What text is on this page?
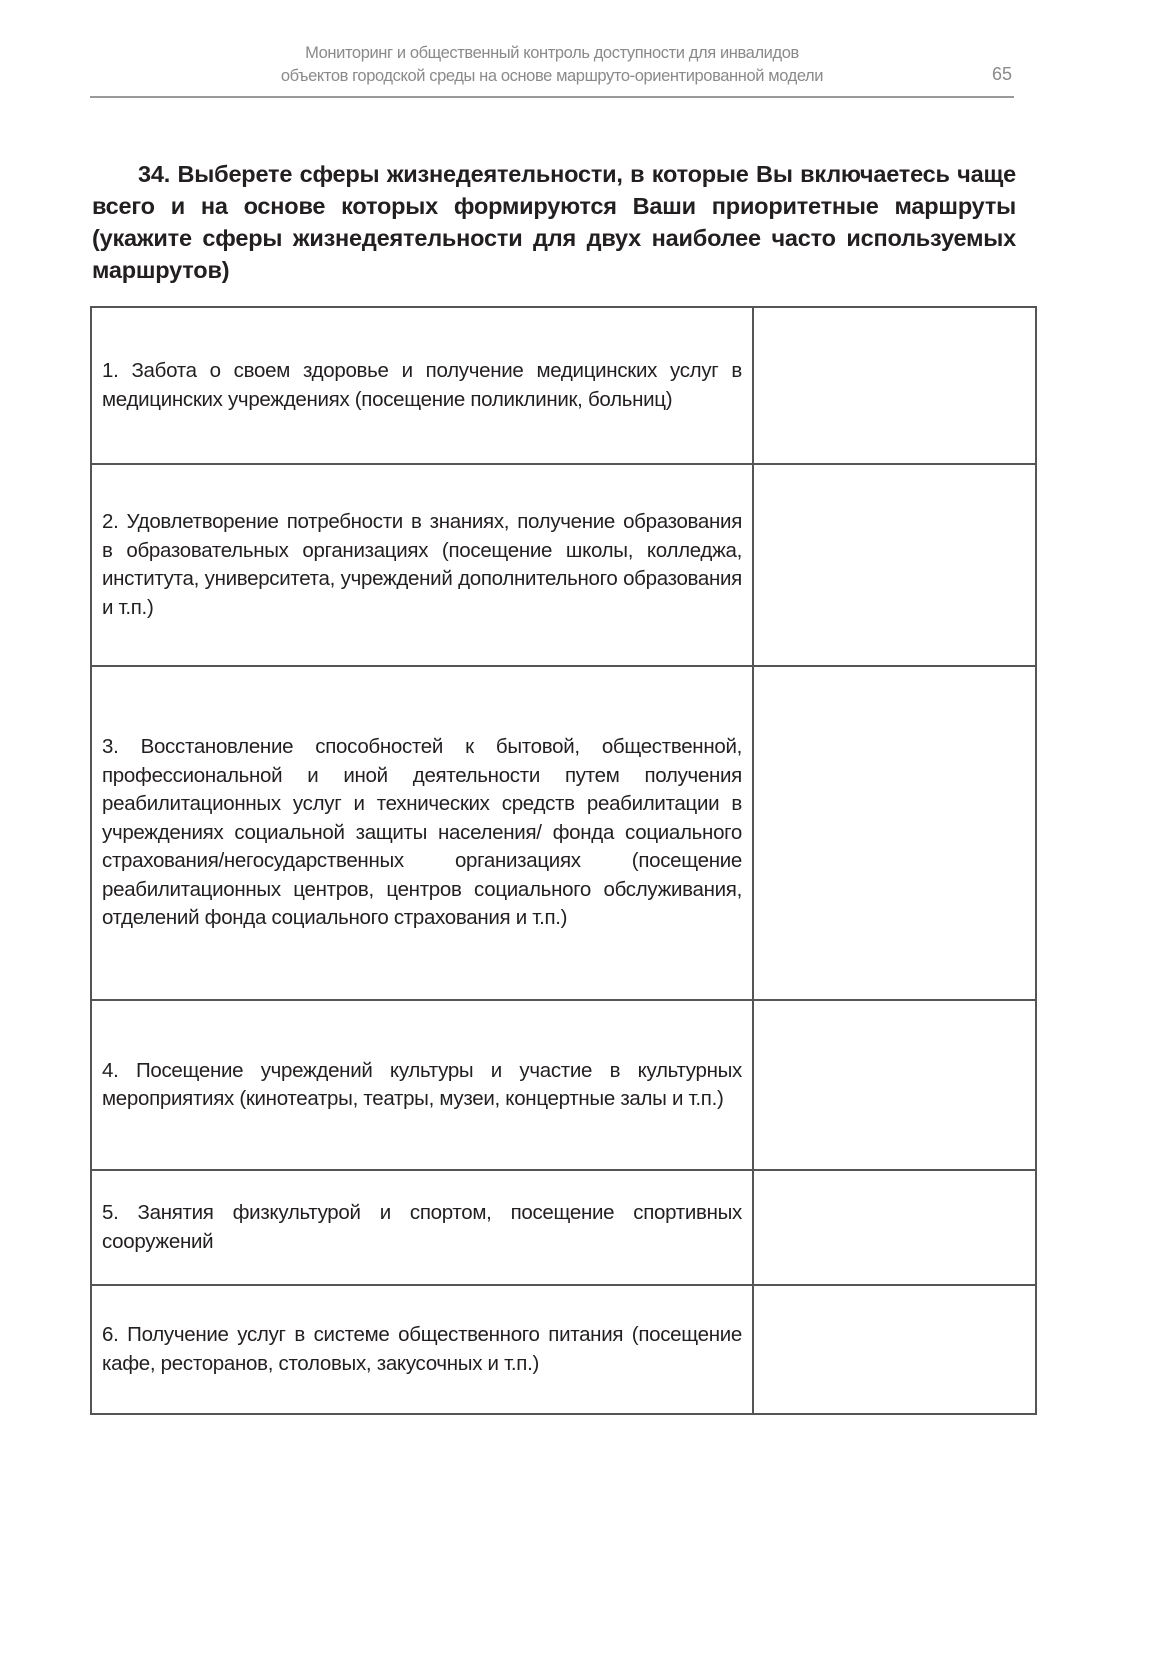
Мониторинг и общественный контроль доступности для инвалидов
объектов городской среды на основе маршруто-ориентированной модели	65
34. Выберете сферы жизнедеятельности, в которые Вы включаетесь чаще всего и на основе которых формируются Ваши приоритетные маршруты (укажите сферы жизнедеятельности для двух наиболее часто используемых маршрутов)
1. Забота о своем здоровье и получение медицинских услуг в медицинских учреждениях (посещение поликлиник, больниц)	
2. Удовлетворение потребности в знаниях, получение образования в образовательных организациях (посещение школы, колледжа, института, университета, учреждений дополнительного образования и т.п.)	
3. Восстановление способностей к бытовой, общественной, профессиональной и иной деятельности путем получения реабилитационных услуг и технических средств реабилитации в учреждениях социальной защиты населения/ фонда социального страхования/негосударственных организациях (посещение реабилитационных центров, центров социального обслуживания, отделений фонда социального страхования и т.п.)	
4. Посещение учреждений культуры и участие в культурных мероприятиях (кинотеатры, театры, музеи, концертные залы и т.п.)	
5. Занятия физкультурой и спортом, посещение спортивных сооружений	
6. Получение услуг в системе общественного питания (посещение кафе, ресторанов, столовых, закусочных и т.п.)	
